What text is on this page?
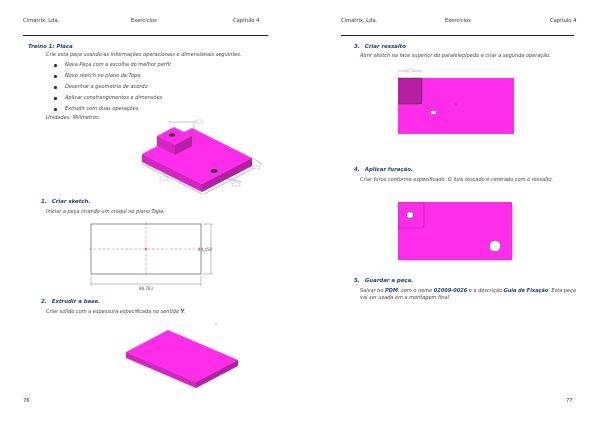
Cimatrix, Lda.	Exercícios	Capítulo 4
Treino 1: Placa
Crie esta peça usando as informações operacionais e dimensionais seguintes.
Nova Peça com a escolha do melhor perfil.
Novo sketch no plano de Topo.
Desenhar a geometria de acordo
Aplicar constrangimentos e dimensões
Extrudir com duas operações.
Unidades: Milímetros
1. Criar sketch.
Iniciar a peça criando um croqui no plano Topo.
88,783
44,450
2. Extrudir a base.
Criar sólido com a espessura especificada no sentido Y.
76
Cimatrix, Lda.	Exercícios	Capítulo 4
3. Criar ressalto
Abrir sketch na face superior do paralelepípedo e criar a segunda operação.
4. Aplicar furação.
Criar furos conforme especificado. O furo roscado é centrado com o ressalto.
5. Guardar a peça.
Salvar no PDM, com o nome 02009-0026 e a descrição Guia de Fixação. Esta peça vai ser usada em a montagem final.
77
